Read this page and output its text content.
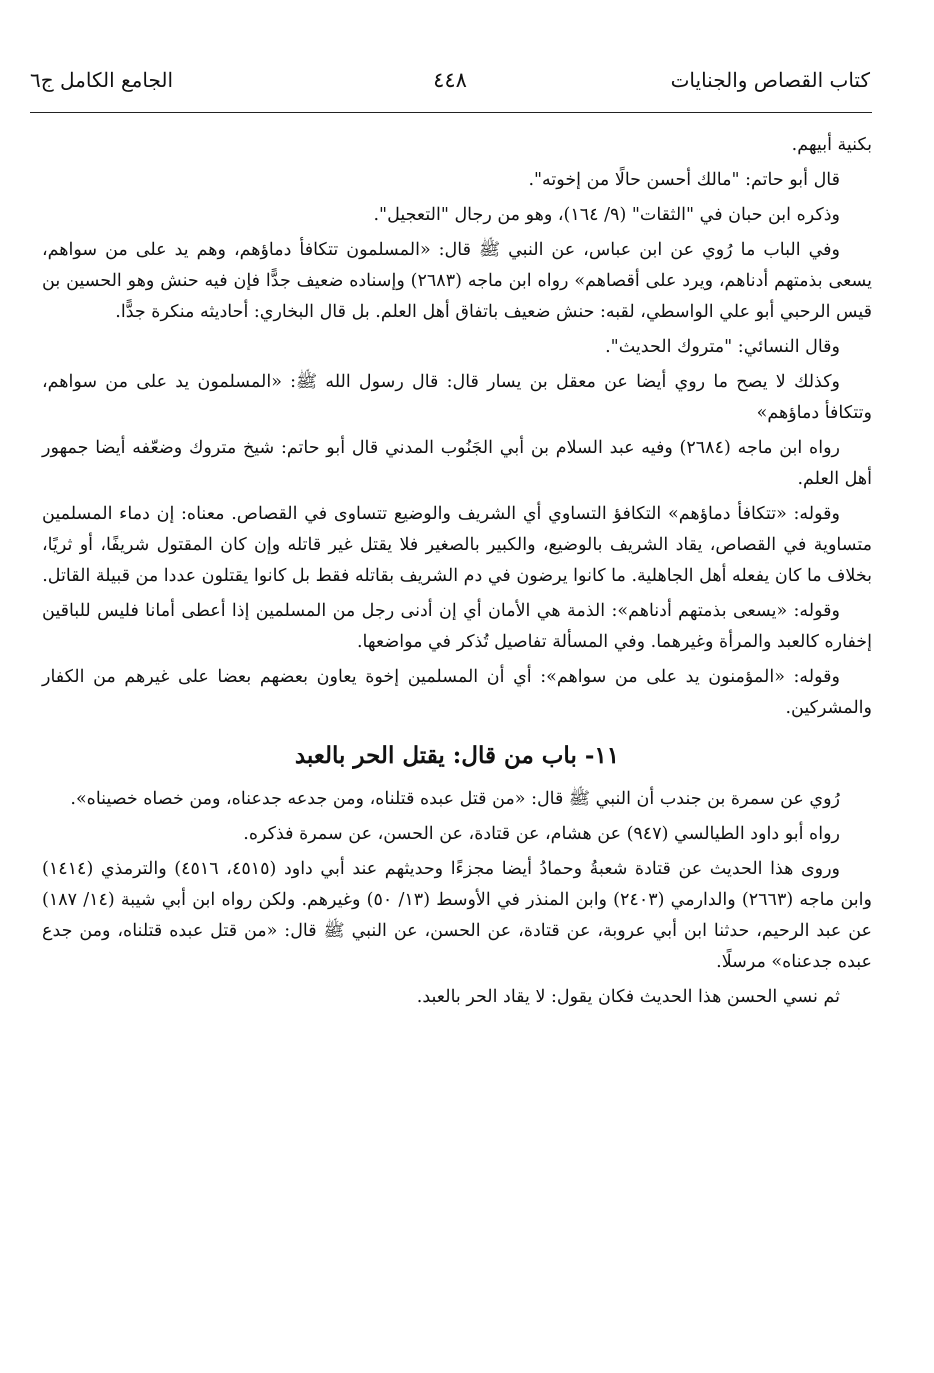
كتاب القصاص والجنايات
٤٤٨
الجامع الكامل ج٦

بكنية أبيهم.

قال أبو حاتم: "مالك أحسن حالًا من إخوته".

وذكره ابن حبان في "الثقات" (٩/ ١٦٤)، وهو من رجال "التعجيل".

وفي الباب ما رُوي عن ابن عباس، عن النبي ﷺ قال: «المسلمون تتكافأ دماؤهم، وهم يد على من سواهم، يسعى بذمتهم أدناهم، ويرد على أقصاهم» رواه ابن ماجه (٢٦٨٣) وإسناده ضعيف جدًّا فإن فيه حنش وهو الحسين بن قيس الرحبي أبو علي الواسطي، لقبه: حنش ضعيف باتفاق أهل العلم. بل قال البخاري: أحاديثه منكرة جدًّا.

وقال النسائي: "متروك الحديث".

وكذلك لا يصح ما روي أيضا عن معقل بن يسار قال: قال رسول الله ﷺ: «المسلمون يد على من سواهم، وتتكافأ دماؤهم»

رواه ابن ماجه (٢٦٨٤) وفيه عبد السلام بن أبي الجَنُوب المدني قال أبو حاتم: شيخ متروك وضعّفه أيضا جمهور أهل العلم.

وقوله: «تتكافأ دماؤهم» التكافؤ التساوي أي الشريف والوضيع تتساوى في القصاص. معناه: إن دماء المسلمين متساوية في القصاص، يقاد الشريف بالوضيع، والكبير بالصغير فلا يقتل غير قاتله وإن كان المقتول شريفًا، أو ثريًا، بخلاف ما كان يفعله أهل الجاهلية. ما كانوا يرضون في دم الشريف بقاتله فقط بل كانوا يقتلون عددا من قبيلة القاتل.

وقوله: «يسعى بذمتهم أدناهم»: الذمة هي الأمان أي إن أدنى رجل من المسلمين إذا أعطى أمانا فليس للباقين إخفاره كالعبد والمرأة وغيرهما. وفي المسألة تفاصيل تُذكر في مواضعها.

وقوله: «المؤمنون يد على من سواهم»: أي أن المسلمين إخوة يعاون بعضهم بعضا على غيرهم من الكفار والمشركين.

١١- باب من قال: يقتل الحر بالعبد

رُوي عن سمرة بن جندب أن النبي ﷺ قال: «من قتل عبده قتلناه، ومن جدعه جدعناه، ومن خصاه خصيناه».

رواه أبو داود الطيالسي (٩٤٧) عن هشام، عن قتادة، عن الحسن، عن سمرة فذكره.

وروى هذا الحديث عن قتادة شعبةُ وحمادُ أيضا مجزءًا وحديثهم عند أبي داود (٤٥١٥، ٤٥١٦) والترمذي (١٤١٤) وابن ماجه (٢٦٦٣) والدارمي (٢٤٠٣) وابن المنذر في الأوسط (١٣/ ٥٠) وغيرهم. ولكن رواه ابن أبي شيبة (١٤/ ١٨٧) عن عبد الرحيم، حدثنا ابن أبي عروبة، عن قتادة، عن الحسن، عن النبي ﷺ قال: «من قتل عبده قتلناه، ومن جدع عبده جدعناه» مرسلًا.

ثم نسي الحسن هذا الحديث فكان يقول: لا يقاد الحر بالعبد.
